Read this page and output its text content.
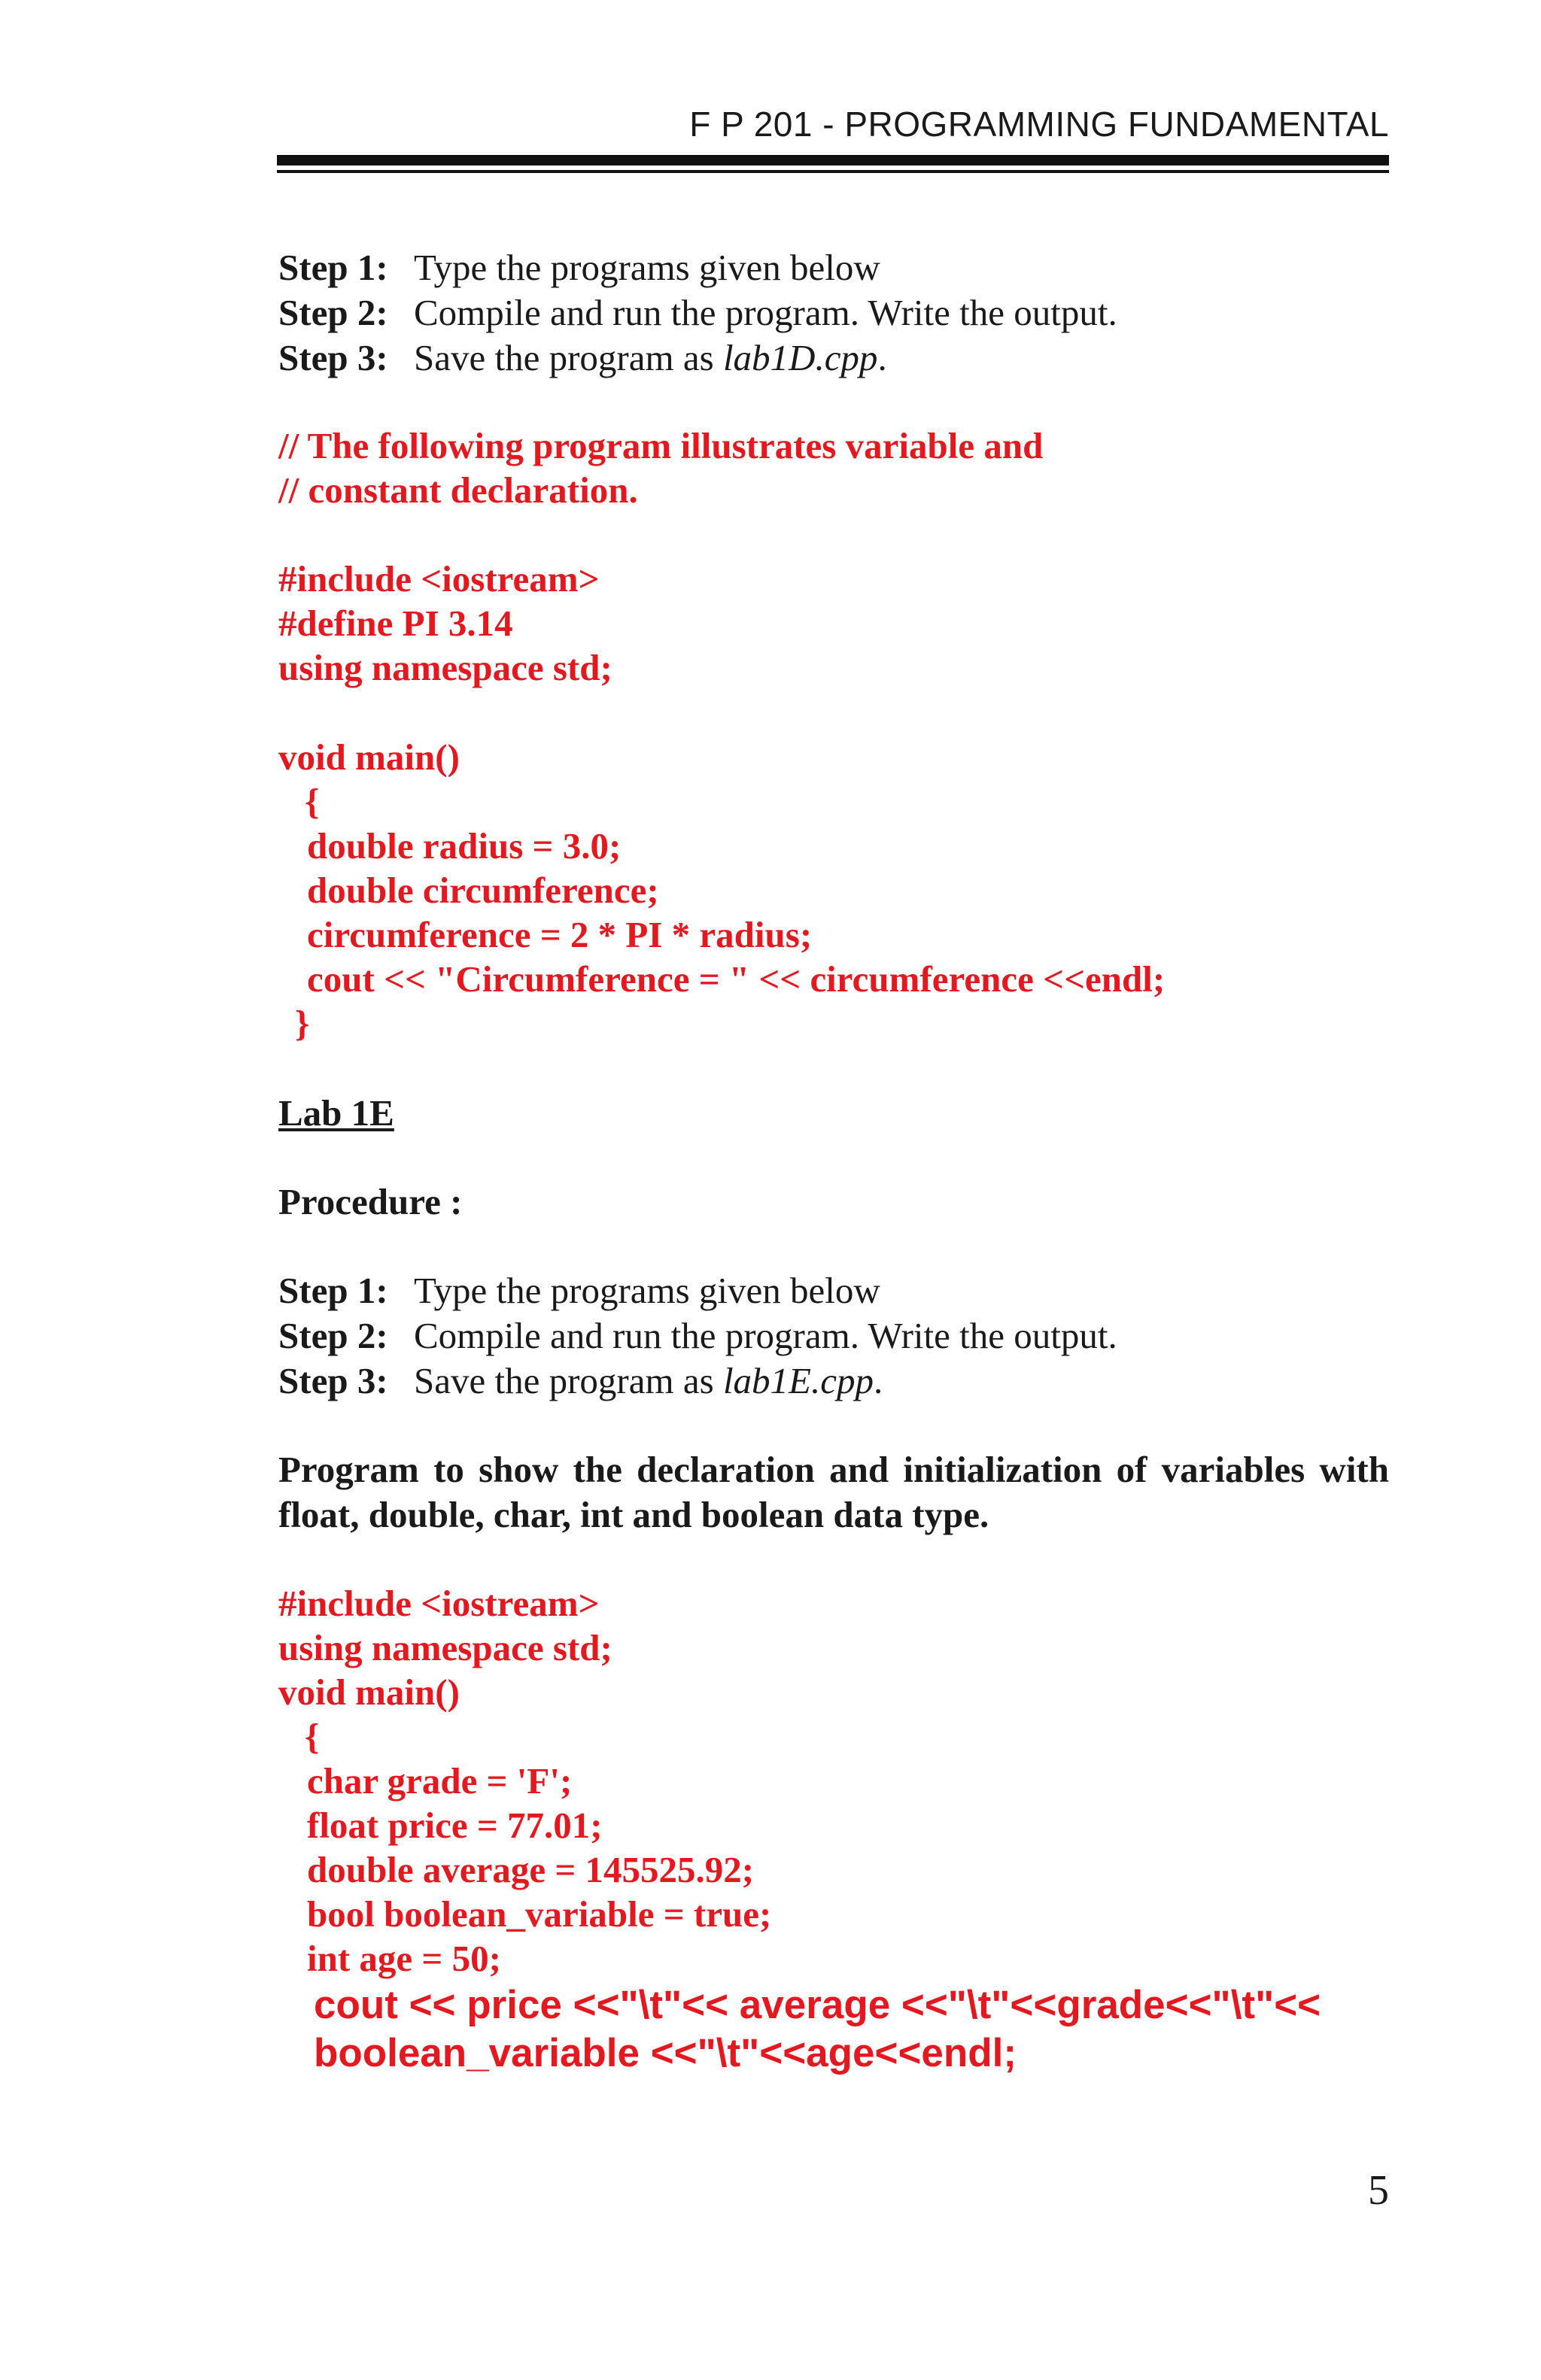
F P 201 - PROGRAMMING FUNDAMENTAL
Step 1: Type the programs given below
Step 2: Compile and run the program. Write the output.
Step 3: Save the program as lab1D.cpp.
// The following program illustrates variable and
// constant declaration.
#include <iostream>
#define PI 3.14
using namespace std;
void main()
{
double radius = 3.0;
double circumference;
circumference = 2 * PI * radius;
cout << "Circumference = " << circumference <<endl;
}
Lab 1E
Procedure :
Step 1: Type the programs given below
Step 2: Compile and run the program. Write the output.
Step 3: Save the program as lab1E.cpp.
Program to show the declaration and initialization of variables with float, double, char, int and boolean data type.
#include <iostream>
using namespace std;
void main()
{
char grade = 'F';
float price = 77.01;
double average = 145525.92;
bool boolean_variable = true;
int age = 50;
cout << price <<"\t"<< average <<"\t"<<grade<<"\t"<<
boolean_variable <<"\t"<<age<<endl;
5
